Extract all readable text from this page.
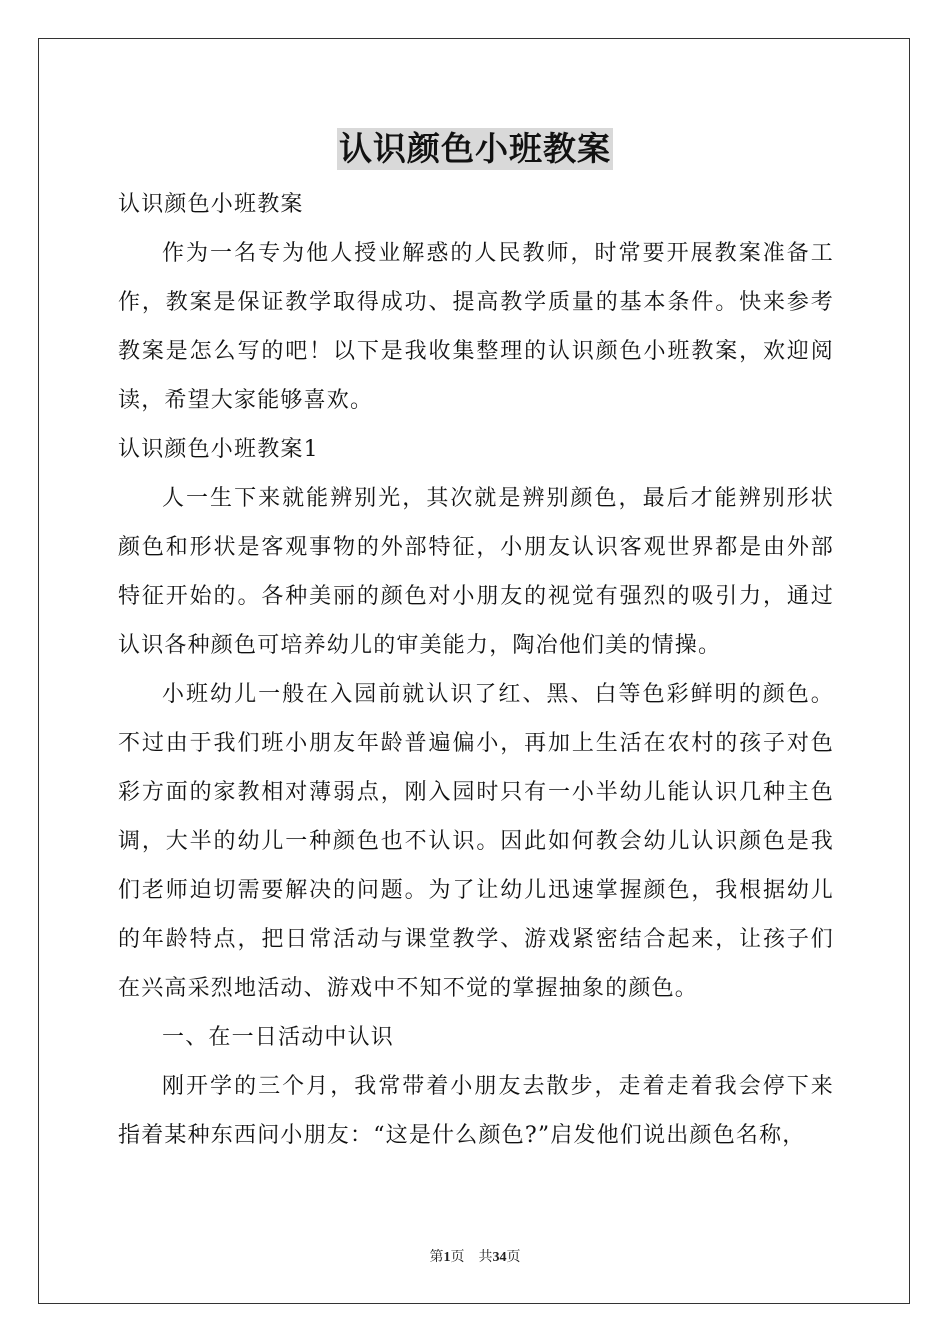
认识颜色小班教案

认识颜色小班教案

作为一名专为他人授业解惑的人民教师，时常要开展教案准备工作，教案是保证教学取得成功、提高教学质量的基本条件。快来参考教案是怎么写的吧！以下是我收集整理的认识颜色小班教案，欢迎阅读，希望大家能够喜欢。

认识颜色小班教案1

人一生下来就能辨别光，其次就是辨别颜色，最后才能辨别形状颜色和形状是客观事物的外部特征，小朋友认识客观世界都是由外部特征开始的。各种美丽的颜色对小朋友的视觉有强烈的吸引力，通过认识各种颜色可培养幼儿的审美能力，陶冶他们美的情操。

小班幼儿一般在入园前就认识了红、黑、白等色彩鲜明的颜色。不过由于我们班小朋友年龄普遍偏小，再加上生活在农村的孩子对色彩方面的家教相对薄弱点，刚入园时只有一小半幼儿能认识几种主色调，大半的幼儿一种颜色也不认识。因此如何教会幼儿认识颜色是我们老师迫切需要解决的问题。为了让幼儿迅速掌握颜色，我根据幼儿的年龄特点，把日常活动与课堂教学、游戏紧密结合起来，让孩子们在兴高采烈地活动、游戏中不知不觉的掌握抽象的颜色。

一、在一日活动中认识

刚开学的三个月，我常带着小朋友去散步，走着走着我会停下来指着某种东西问小朋友：“这是什么颜色?”启发他们说出颜色名称，

第1页 共34页
